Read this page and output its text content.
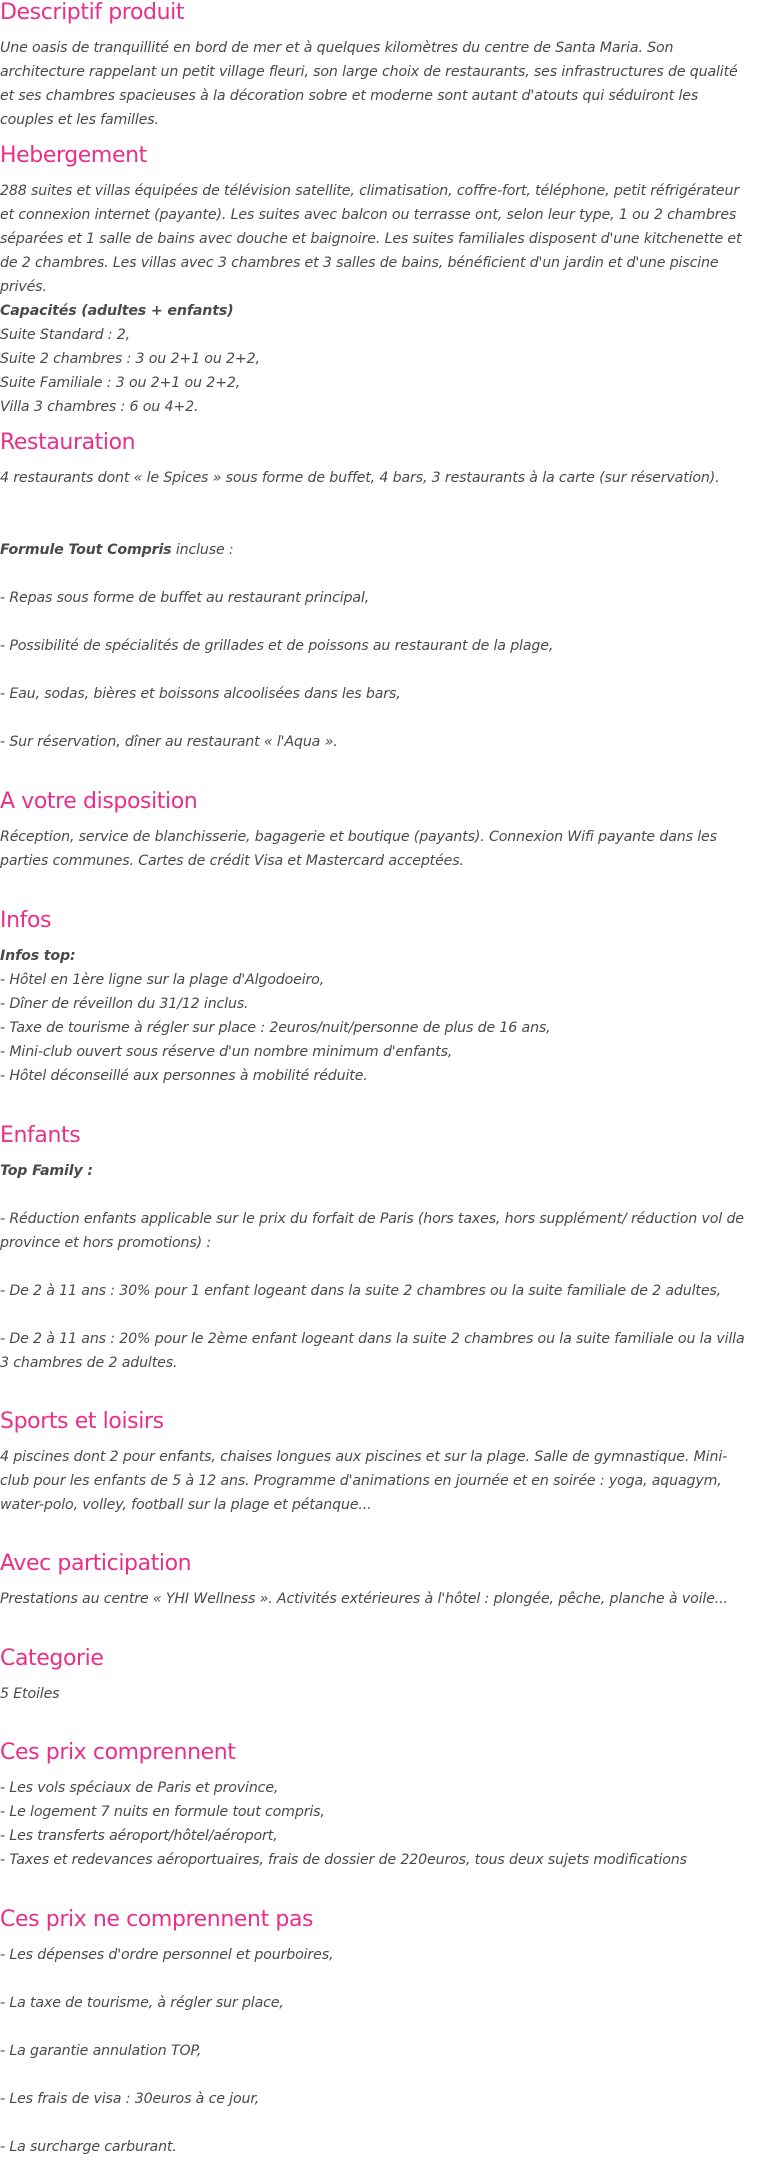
Descriptif produit

Une oasis de tranquillité en bord de mer et à quelques kilomètres du centre de Santa Maria. Son architecture rappelant un petit village fleuri, son large choix de restaurants, ses infrastructures de qualité et ses chambres spacieuses à la décoration sobre et moderne sont autant d'atouts qui séduiront les couples et les familles.

Hebergement

288 suites et villas équipées de télévision satellite, climatisation, coffre-fort, téléphone, petit réfrigérateur et connexion internet (payante). Les suites avec balcon ou terrasse ont, selon leur type, 1 ou 2 chambres séparées et 1 salle de bains avec douche et baignoire. Les suites familiales disposent d'une kitchenette et de 2 chambres. Les villas avec 3 chambres et 3 salles de bains, bénéficient d'un jardin et d'une piscine privés.

Capacités (adultes + enfants)

Suite Standard : 2,

Suite 2 chambres : 3 ou 2+1 ou 2+2,

Suite Familiale : 3 ou 2+1 ou 2+2,

Villa 3 chambres : 6 ou 4+2.

Restauration

4 restaurants dont « le Spices » sous forme de buffet, 4 bars, 3 restaurants à la carte (sur réservation).

Formule Tout Compris incluse :

- Repas sous forme de buffet au restaurant principal,

- Possibilité de spécialités de grillades et de poissons au restaurant de la plage,

- Eau, sodas, bières et boissons alcoolisées dans les bars,

- Sur réservation, dîner au restaurant « l'Aqua ».

A votre disposition

Réception, service de blanchisserie, bagagerie et boutique (payants). Connexion Wifi payante dans les parties communes. Cartes de crédit Visa et Mastercard acceptées.

Infos

Infos top:

- Hôtel en 1ère ligne sur la plage d'Algodoeiro,

- Dîner de réveillon du 31/12 inclus.

- Taxe de tourisme à régler sur place : 2euros/nuit/personne de plus de 16 ans,

- Mini-club ouvert sous réserve d'un nombre minimum d'enfants,

- Hôtel déconseillé aux personnes à mobilité réduite.

Enfants

Top Family :

- Réduction enfants applicable sur le prix du forfait de Paris (hors taxes, hors supplément/ réduction vol de province et hors promotions) :

- De 2 à 11 ans : 30% pour 1 enfant logeant dans la suite 2 chambres ou la suite familiale de 2 adultes,

- De 2 à 11 ans : 20% pour le 2ème enfant logeant dans la suite 2 chambres ou la suite familiale ou la villa 3 chambres de 2 adultes.

Sports et loisirs

4 piscines dont 2 pour enfants, chaises longues aux piscines et sur la plage. Salle de gymnastique. Mini-club pour les enfants de 5 à 12 ans. Programme d'animations en journée et en soirée : yoga, aquagym, water-polo, volley, football sur la plage et pétanque...

Avec participation

Prestations au centre « YHI Wellness ». Activités extérieures à l'hôtel : plongée, pêche, planche à voile...

Categorie

5 Etoiles

Ces prix comprennent

- Les vols spéciaux de Paris et province,

- Le logement 7 nuits en formule tout compris,

- Les transferts aéroport/hôtel/aéroport,

- Taxes et redevances aéroportuaires, frais de dossier de 220euros, tous deux sujets modifications

Ces prix ne comprennent pas

- Les dépenses d'ordre personnel et pourboires,

- La taxe de tourisme, à régler sur place,

- La garantie annulation TOP,

- Les frais de visa : 30euros à ce jour,

- La surcharge carburant.
